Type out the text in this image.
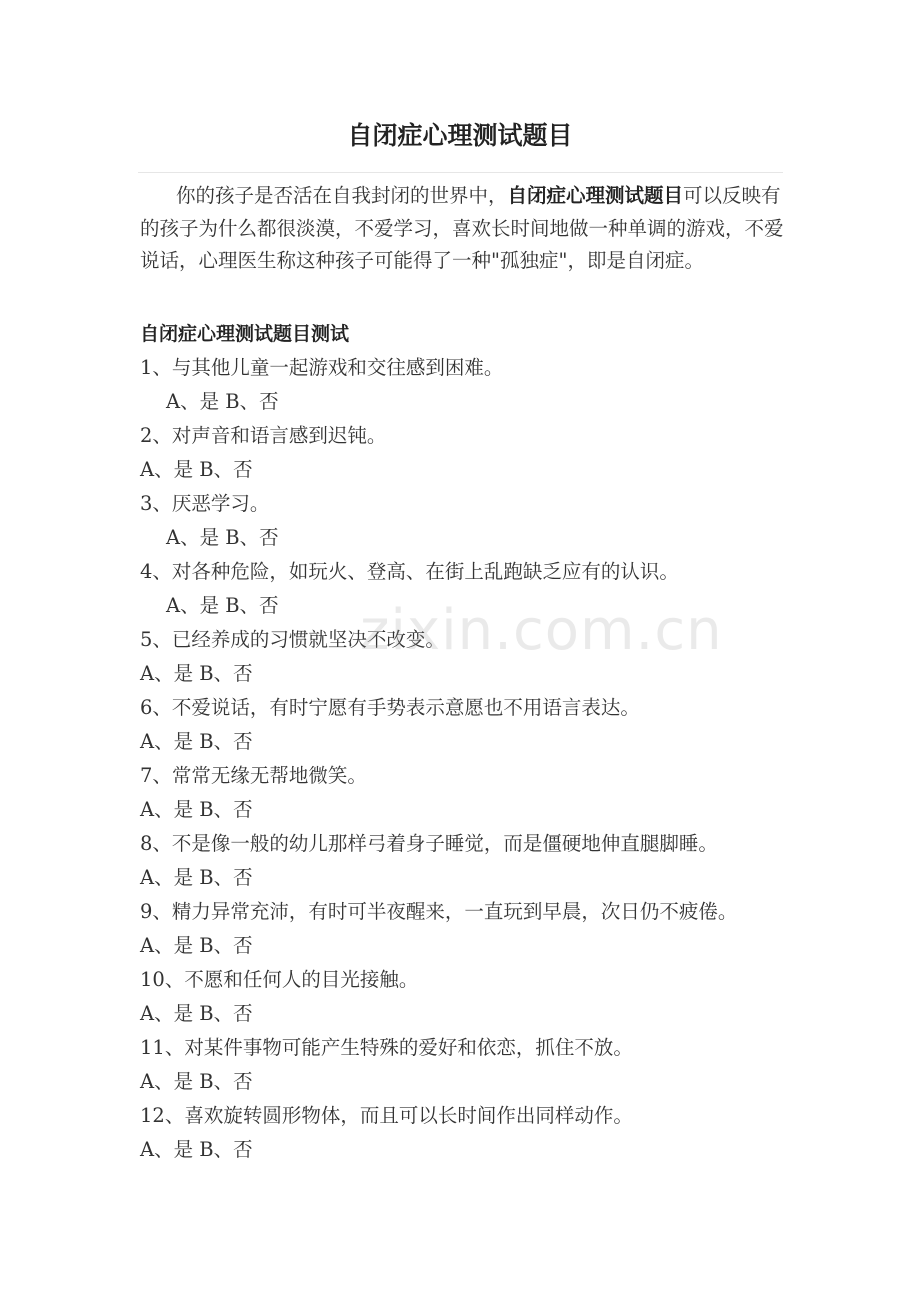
自闭症心理测试题目

你的孩子是否活在自我封闭的世界中，自闭症心理测试题目可以反映有的孩子为什么都很淡漠，不爱学习，喜欢长时间地做一种单调的游戏，不爱说话，心理医生称这种孩子可能得了一种"孤独症"，即是自闭症。

自闭症心理测试题目测试
1、与其他儿童一起游戏和交往感到困难。
A、是 B、否
2、对声音和语言感到迟钝。
A、是 B、否
3、厌恶学习。
A、是 B、否
4、对各种危险，如玩火、登高、在街上乱跑缺乏应有的认识。
A、是 B、否
5、已经养成的习惯就坚决不改变。
A、是 B、否
6、不爱说话，有时宁愿有手势表示意愿也不用语言表达。
A、是 B、否
7、常常无缘无帮地微笑。
A、是 B、否
8、不是像一般的幼儿那样弓着身子睡觉，而是僵硬地伸直腿脚睡。
A、是 B、否
9、精力异常充沛，有时可半夜醒来，一直玩到早晨，次日仍不疲倦。
A、是 B、否
10、不愿和任何人的目光接触。
A、是 B、否
11、对某件事物可能产生特殊的爱好和依恋，抓住不放。
A、是 B、否
12、喜欢旋转圆形物体，而且可以长时间作出同样动作。
A、是 B、否
zixin.com.cn
